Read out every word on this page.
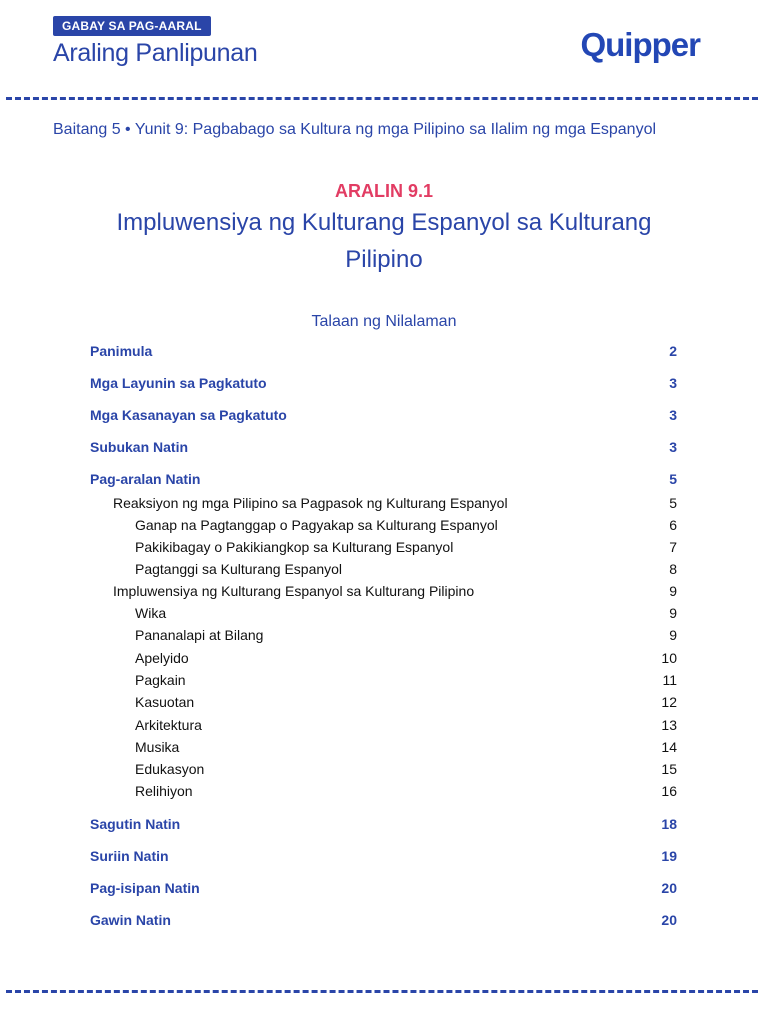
GABAY SA PAG-AARAL
Araling Panlipunan	Quipper
Baitang 5 • Yunit 9: Pagbabago sa Kultura ng mga Pilipino sa Ilalim ng mga Espanyol
ARALIN 9.1
Impluwensiya ng Kulturang Espanyol sa Kulturang Pilipino
Talaan ng Nilalaman
Panimula	2
Mga Layunin sa Pagkatuto	3
Mga Kasanayan sa Pagkatuto	3
Subukan Natin	3
Pag-aralan Natin	5
Reaksiyon ng mga Pilipino sa Pagpasok ng Kulturang Espanyol	5
Ganap na Pagtanggap o Pagyakap sa Kulturang Espanyol	6
Pakikibagay o Pakikiangkop sa Kulturang Espanyol	7
Pagtanggi sa Kulturang Espanyol	8
Impluwensiya ng Kulturang Espanyol sa Kulturang Pilipino	9
Wika	9
Pananalapi at Bilang	9
Apelyido	10
Pagkain	11
Kasuotan	12
Arkitektura	13
Musika	14
Edukasyon	15
Relihiyon	16
Sagutin Natin	18
Suriin Natin	19
Pag-isipan Natin	20
Gawin Natin	20
